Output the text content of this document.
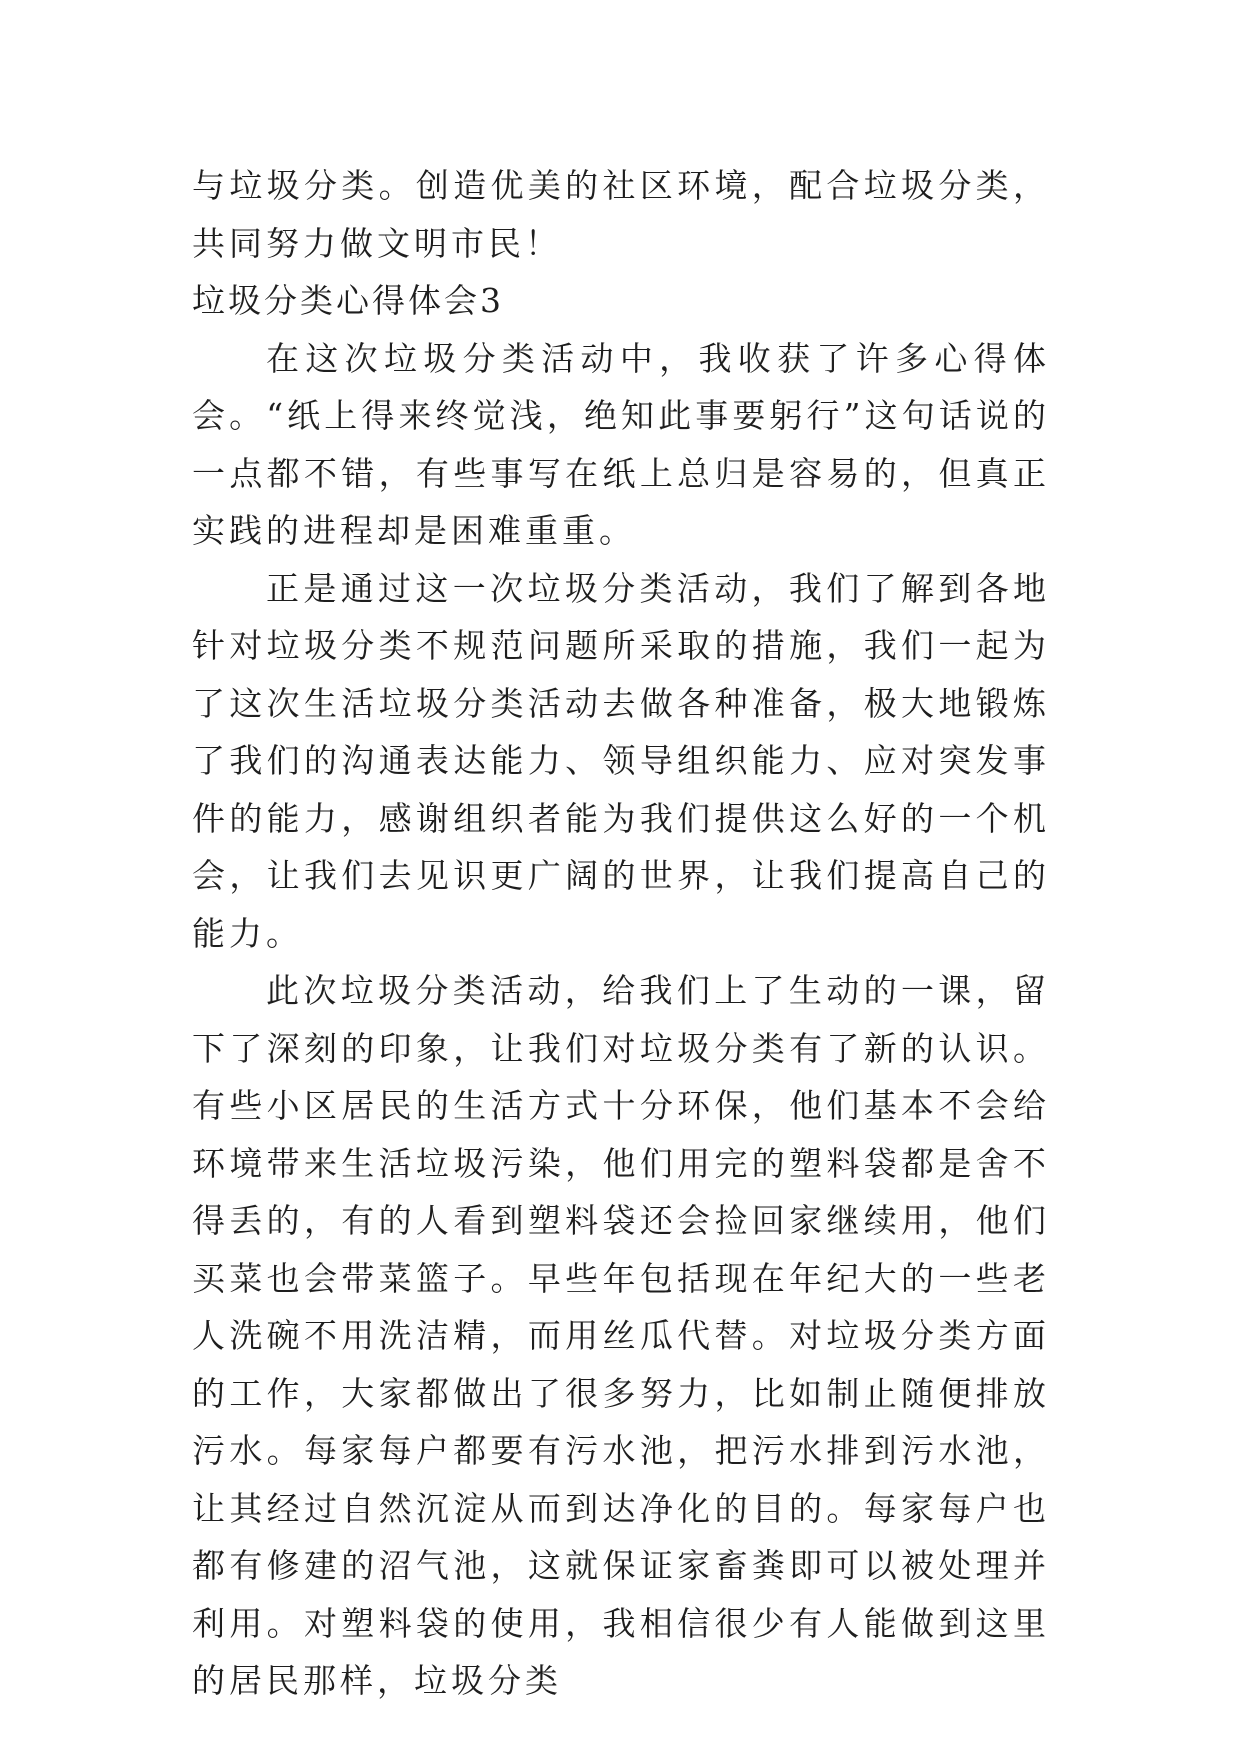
与垃圾分类。创造优美的社区环境，配合垃圾分类，共同努力做文明市民！

垃圾分类心得体会3

在这次垃圾分类活动中，我收获了许多心得体会。“纸上得来终觉浅，绝知此事要躬行”这句话说的一点都不错，有些事写在纸上总归是容易的，但真正实践的进程却是困难重重。

正是通过这一次垃圾分类活动，我们了解到各地针对垃圾分类不规范问题所采取的措施，我们一起为了这次生活垃圾分类活动去做各种准备，极大地锻炼了我们的沟通表达能力、领导组织能力、应对突发事件的能力，感谢组织者能为我们提供这么好的一个机会，让我们去见识更广阔的世界，让我们提高自己的能力。

此次垃圾分类活动，给我们上了生动的一课，留下了深刻的印象，让我们对垃圾分类有了新的认识。有些小区居民的生活方式十分环保，他们基本不会给环境带来生活垃圾污染，他们用完的塑料袋都是舍不得丢的，有的人看到塑料袋还会捡回家继续用，他们买菜也会带菜篮子。早些年包括现在年纪大的一些老人洗碗不用洗洁精，而用丝瓜代替。对垃圾分类方面的工作，大家都做出了很多努力，比如制止随便排放污水。每家每户都要有污水池，把污水排到污水池，让其经过自然沉淀从而到达净化的目的。每家每户也都有修建的沼气池，这就保证家畜粪即可以被处理并利用。对塑料袋的使用，我相信很少有人能做到这里的居民那样，垃圾分类
